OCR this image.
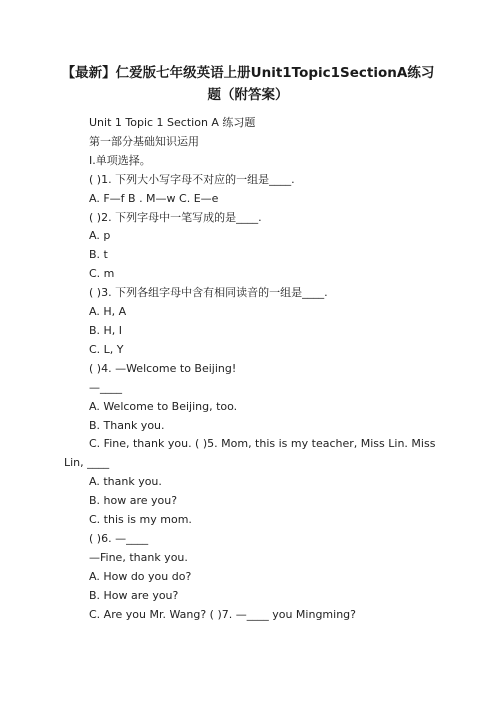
【最新】仁爱版七年级英语上册Unit1Topic1SectionA练习
题（附答案）
Unit 1 Topic 1 Section A 练习题
第一部分基础知识运用
Ⅰ.单项选择。
( )1. 下列大小写字母不对应的一组是____.
A. F—f B . M—w C. E—e
( )2. 下列字母中一笔写成的是____.
A. p
B. t
C. m
( )3. 下列各组字母中含有相同读音的一组是____.
A. H, A
B. H, I
C. L, Y
( )4. —Welcome to Beijing!
—____
A. Welcome to Beijing, too.
B. Thank you.
C. Fine, thank you. ( )5. Mom, this is my teacher, Miss Lin. Miss
Lin, ____
A. thank you.
B. how are you?
C. this is my mom.
( )6. —____
—Fine, thank you.
A. How do you do?
B. How are you?
C. Are you Mr. Wang? ( )7. —____ you Mingming?
